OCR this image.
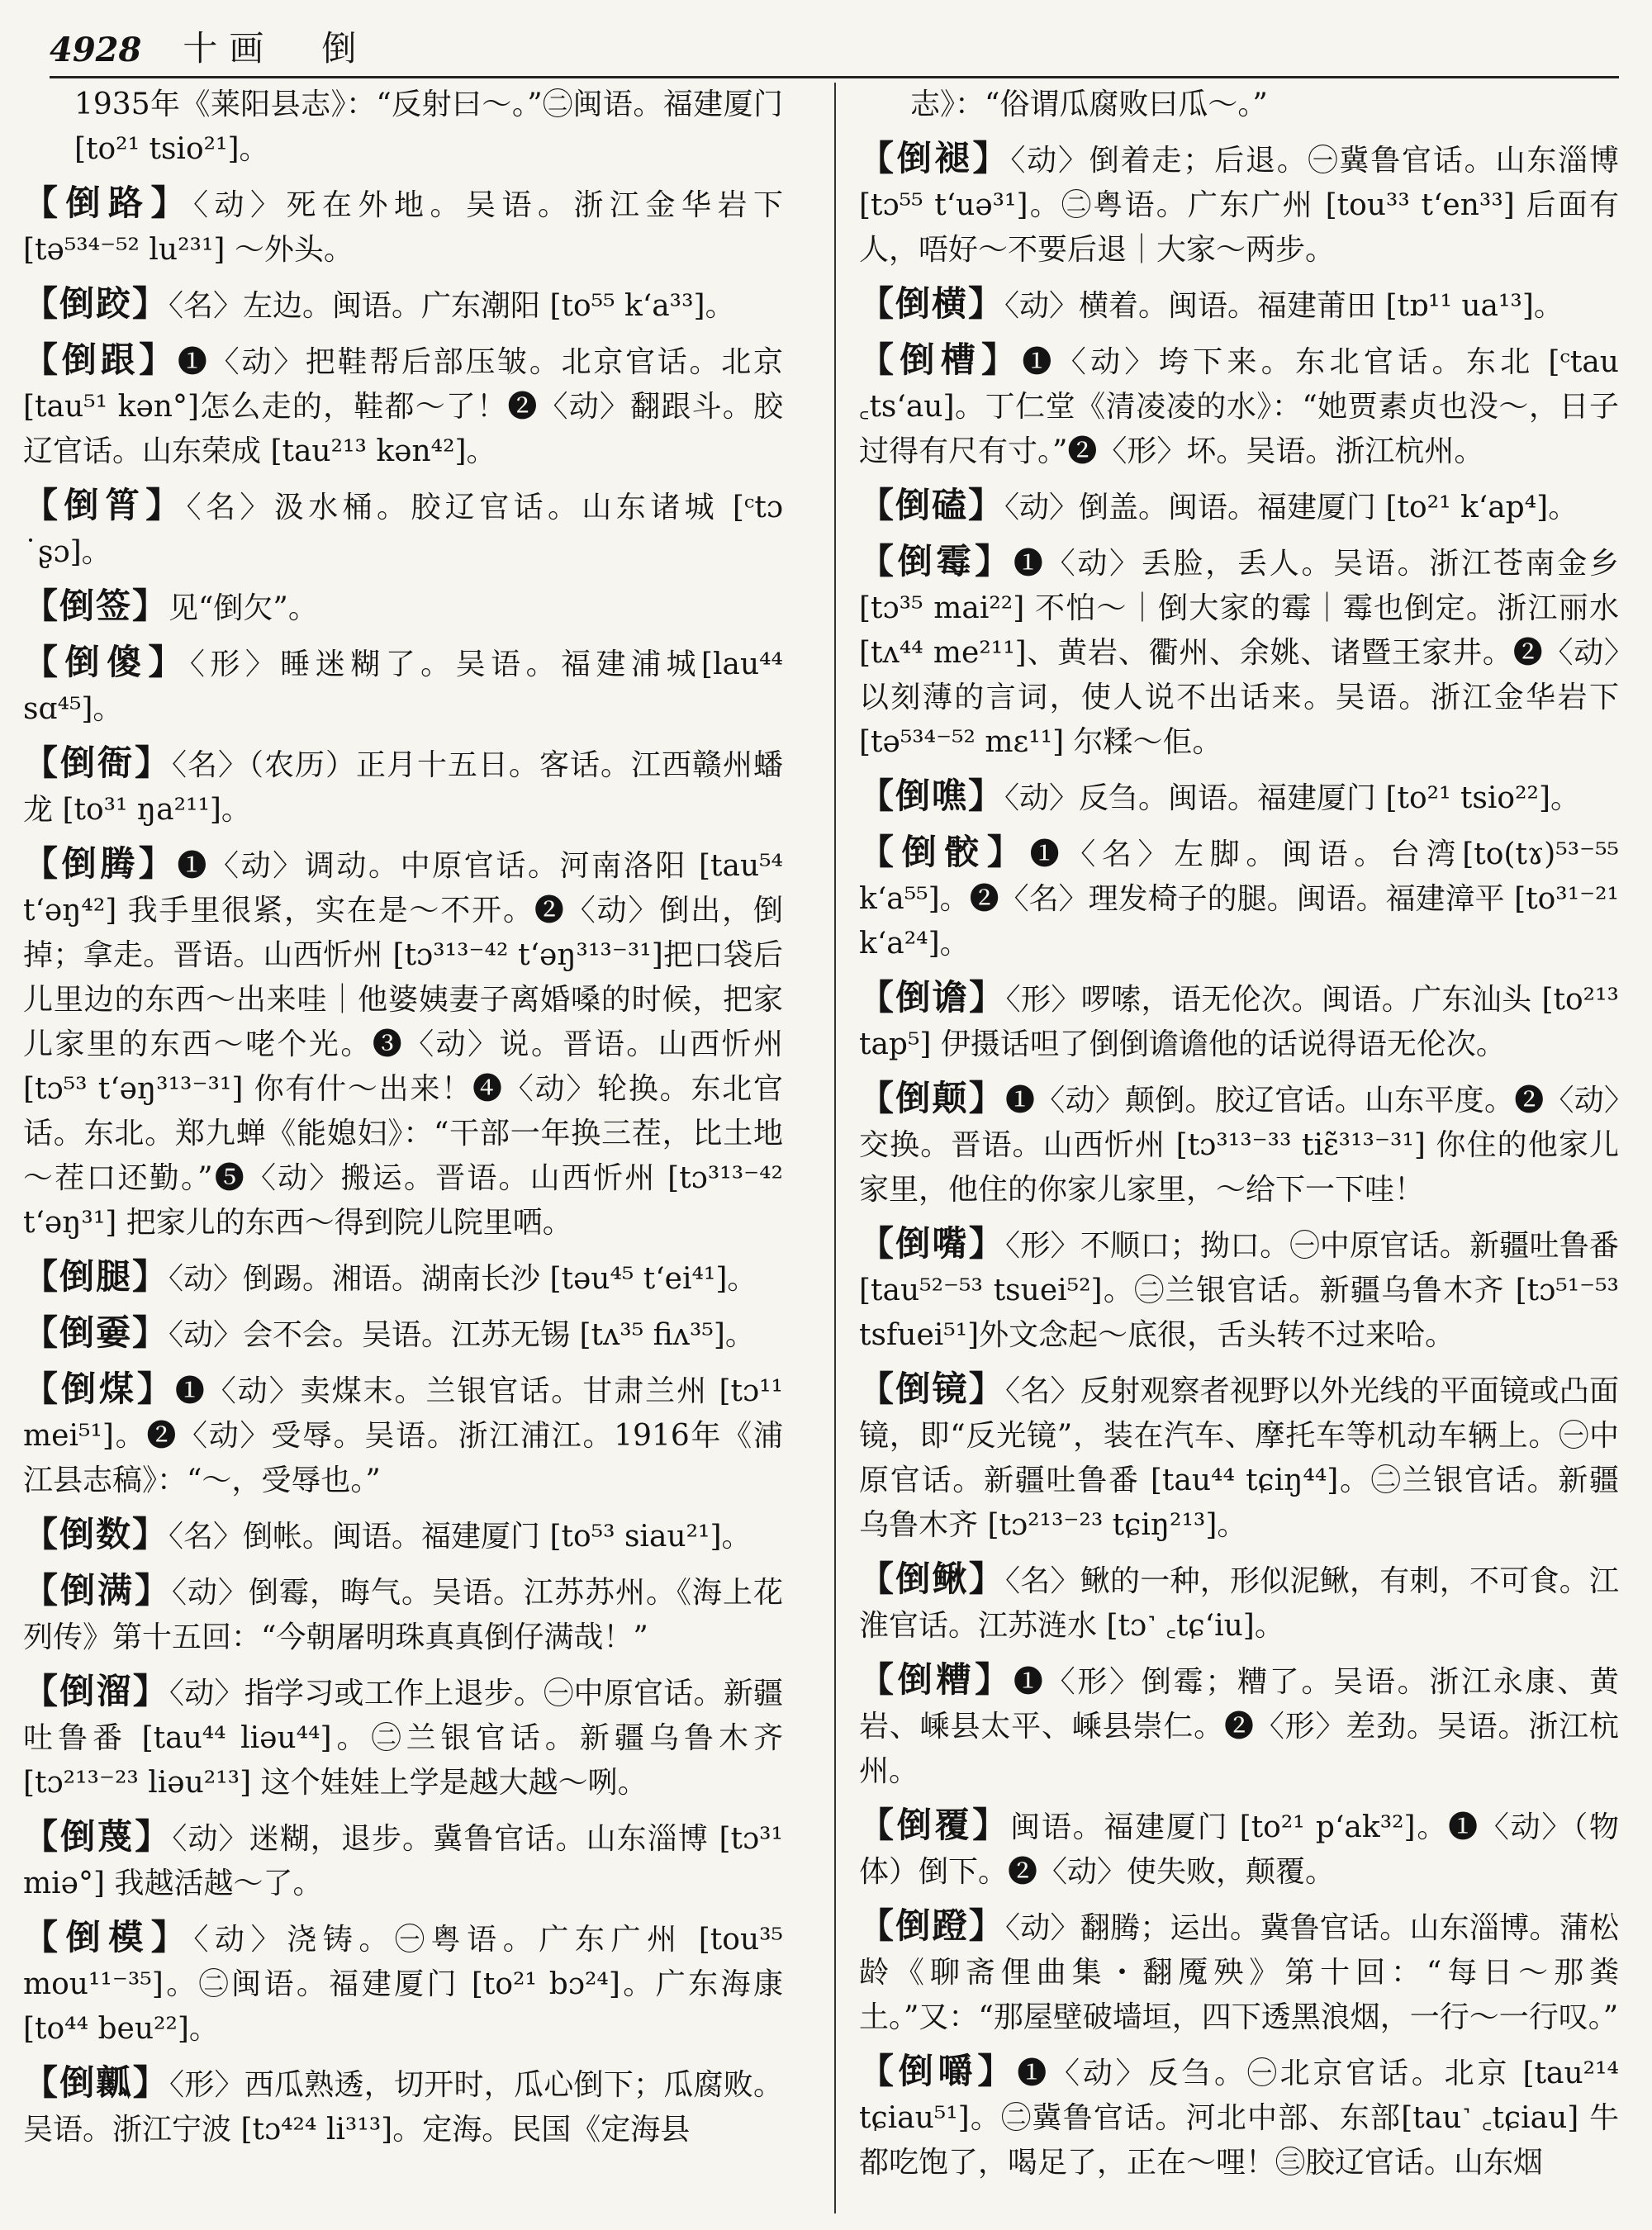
4928 十画　倒

1935年《莱阳县志》：“反射曰～。”㊁闽语。福建厦门 [to²¹ tsio²¹]。

【倒路】〈动〉死在外地。吴语。浙江金华岩下 [tə⁵³⁴⁻⁵² lu²³¹] ～外头。

【倒跤】〈名〉左边。闽语。广东潮阳 [to⁵⁵ k‘a³³]。

【倒跟】❶〈动〉把鞋帮后部压皱。北京官话。北京 [tau⁵¹ kən°]怎么走的，鞋都～了！❷〈动〉翻跟斗。胶辽官话。山东荣成 [tau²¹³ kən⁴²]。

【倒筲】〈名〉汲水桶。胶辽官话。山东诸城 [ᶜtɔ ˙ʂɔ]。

【倒签】见“倒欠”。

【倒傻】〈形〉睡迷糊了。吴语。福建浦城[lau⁴⁴ sɑ⁴⁵]。

【倒衙】〈名〉（农历）正月十五日。客话。江西赣州蟠龙 [to³¹ ŋa²¹¹]。

【倒腾】❶〈动〉调动。中原官话。河南洛阳 [tau⁵⁴ t‘əŋ⁴²] 我手里很紧，实在是～不开。❷〈动〉倒出，倒掉；拿走。晋语。山西忻州 [tɔ³¹³⁻⁴² t‘əŋ³¹³⁻³¹]把口袋后儿里边的东西～出来哇｜他婆姨妻子离婚嗓的时候，把家儿家里的东西～咾个光。❸〈动〉说。晋语。山西忻州 [tɔ⁵³ t‘əŋ³¹³⁻³¹] 你有什～出来！❹〈动〉轮换。东北官话。东北。郑九蝉《能媳妇》：“干部一年换三茬，比土地～茬口还勤。”❺〈动〉搬运。晋语。山西忻州 [tɔ³¹³⁻⁴² t‘əŋ³¹] 把家儿的东西～得到院儿院里哂。

【倒腿】〈动〉倒踢。湘语。湖南长沙 [təu⁴⁵ t‘ei⁴¹]。

【倒嫑】〈动〉会不会。吴语。江苏无锡 [tʌ³⁵ fiʌ³⁵]。

【倒煤】❶〈动〉卖煤末。兰银官话。甘肃兰州 [tɔ¹¹ mei⁵¹]。❷〈动〉受辱。吴语。浙江浦江。1916年《浦江县志稿》：“～，受辱也。”

【倒数】〈名〉倒帐。闽语。福建厦门 [to⁵³ siau²¹]。

【倒满】〈动〉倒霉，晦气。吴语。江苏苏州。《海上花列传》第十五回：“今朝屠明珠真真倒仔满哉！”

【倒溜】〈动〉指学习或工作上退步。㊀中原官话。新疆吐鲁番 [tau⁴⁴ liəu⁴⁴]。㊁兰银官话。新疆乌鲁木齐 [tɔ²¹³⁻²³ liəu²¹³] 这个娃娃上学是越大越～咧。

【倒蔑】〈动〉迷糊，退步。冀鲁官话。山东淄博 [tɔ³¹ miə°] 我越活越～了。

【倒模】〈动〉浇铸。㊀粤语。广东广州 [tou³⁵ mou¹¹⁻³⁵]。㊁闽语。福建厦门 [to²¹ bɔ²⁴]。广东海康[to⁴⁴ beu²²]。

【倒瓤】〈形〉西瓜熟透，切开时，瓜心倒下；瓜腐败。吴语。浙江宁波 [tɔ⁴²⁴ li³¹³]。定海。民国《定海县

志》：“俗谓瓜腐败曰瓜～。”

【倒褪】〈动〉倒着走；后退。㊀冀鲁官话。山东淄博 [tɔ⁵⁵ t‘uə³¹]。㊁粤语。广东广州 [tou³³ t‘en³³] 后面有人，唔好～不要后退｜大家～两步。

【倒横】〈动〉横着。闽语。福建莆田 [tɒ¹¹ ua¹³]。

【倒槽】❶〈动〉垮下来。东北官话。东北 [ᶜtau ꜀ts‘au]。丁仁堂《清凌凌的水》：“她贾素贞也没～，日子过得有尺有寸。”❷〈形〉坏。吴语。浙江杭州。

【倒磕】〈动〉倒盖。闽语。福建厦门 [to²¹ k‘ap⁴]。

【倒霉】❶〈动〉丢脸，丢人。吴语。浙江苍南金乡 [tɔ³⁵ mai²²] 不怕～｜倒大家的霉｜霉也倒定。浙江丽水 [tʌ⁴⁴ me²¹¹]、黄岩、衢州、余姚、诸暨王家井。❷〈动〉以刻薄的言词，使人说不出话来。吴语。浙江金华岩下 [tə⁵³⁴⁻⁵² mɛ¹¹] 尔糅～佢。

【倒噍】〈动〉反刍。闽语。福建厦门 [to²¹ tsio²²]。

【倒骹】❶〈名〉左脚。闽语。台湾[to(tɤ)⁵³⁻⁵⁵ k‘a⁵⁵]。❷〈名〉理发椅子的腿。闽语。福建漳平 [to³¹⁻²¹ k‘a²⁴]。

【倒谵】〈形〉啰嗦，语无伦次。闽语。广东汕头 [to²¹³ tap⁵] 伊摄话呾了倒倒谵谵他的话说得语无伦次。

【倒颠】❶〈动〉颠倒。胶辽官话。山东平度。❷〈动〉交换。晋语。山西忻州 [tɔ³¹³⁻³³ tiɛ̃³¹³⁻³¹] 你住的他家儿家里，他住的你家儿家里，～给下一下哇！

【倒嘴】〈形〉不顺口；拗口。㊀中原官话。新疆吐鲁番 [tau⁵²⁻⁵³ tsuei⁵²]。㊁兰银官话。新疆乌鲁木齐 [tɔ⁵¹⁻⁵³ tsfuei⁵¹]外文念起～底很，舌头转不过来哈。

【倒镜】〈名〉反射观察者视野以外光线的平面镜或凸面镜，即“反光镜”，装在汽车、摩托车等机动车辆上。㊀中原官话。新疆吐鲁番 [tau⁴⁴ tɕiŋ⁴⁴]。㊁兰银官话。新疆乌鲁木齐 [tɔ²¹³⁻²³ tɕiŋ²¹³]。

【倒鳅】〈名〉鳅的一种，形似泥鳅，有刺，不可食。江淮官话。江苏涟水 [tɔ˺ ꜀tɕ‘iu]。

【倒糟】❶〈形〉倒霉；糟了。吴语。浙江永康、黄岩、嵊县太平、嵊县崇仁。❷〈形〉差劲。吴语。浙江杭州。

【倒覆】闽语。福建厦门 [to²¹ p‘ak³²]。❶〈动〉（物体）倒下。❷〈动〉使失败，颠覆。

【倒蹬】〈动〉翻腾；运出。冀鲁官话。山东淄博。蒲松龄《聊斋俚曲集・翻魇殃》第十回：“每日～那粪土。”又：“那屋壁破墙垣，四下透黑浪烟，一行～一行叹。”

【倒嚼】❶〈动〉反刍。㊀北京官话。北京 [tau²¹⁴ tɕiau⁵¹]。㊁冀鲁官话。河北中部、东部[tau˺ ꜀tɕiau] 牛都吃饱了，喝足了，正在～哩！㊂胶辽官话。山东烟
